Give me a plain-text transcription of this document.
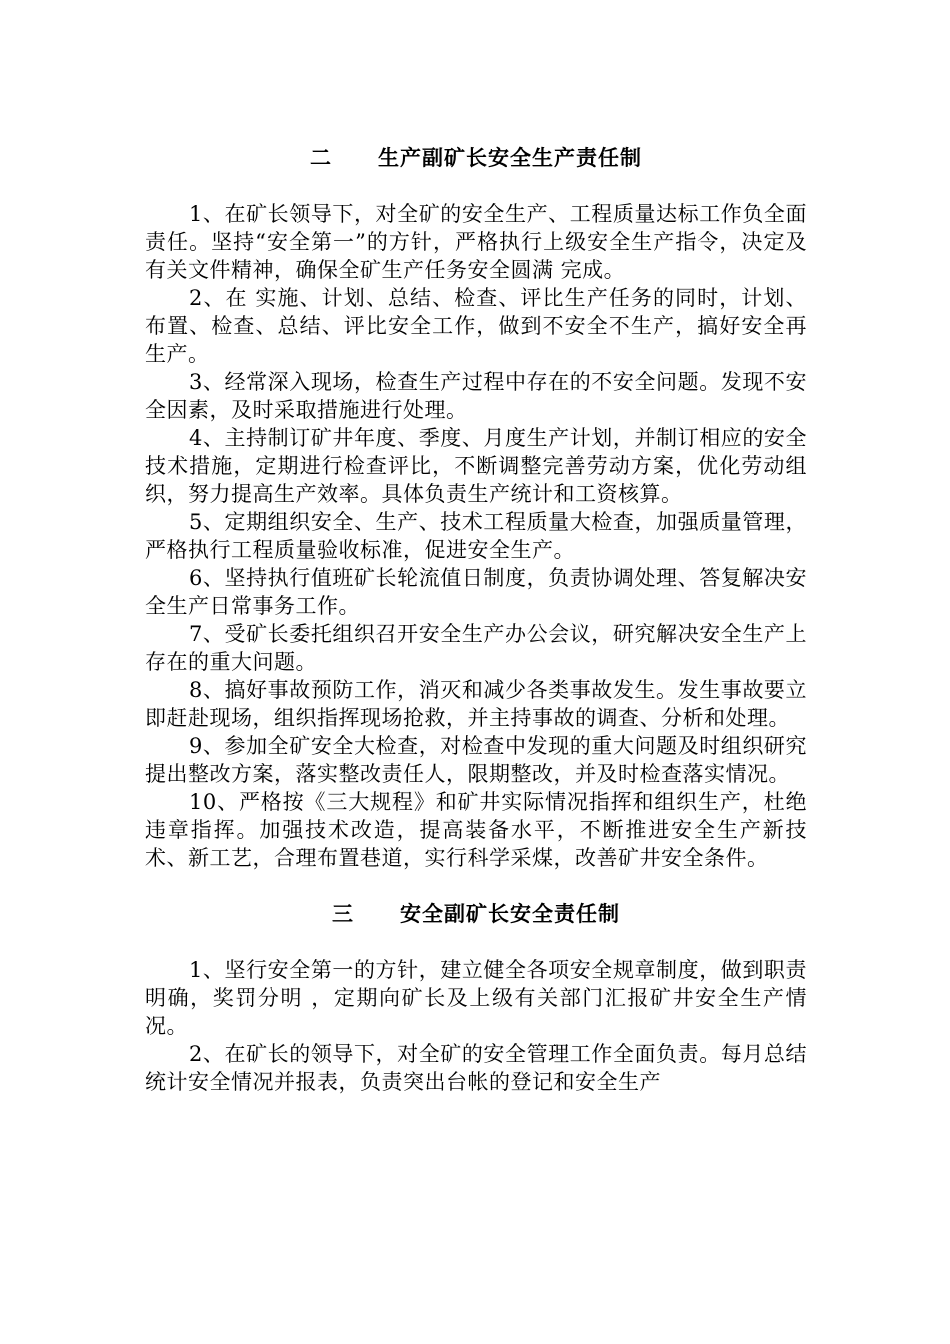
二 生产副矿长安全生产责任制

1、在矿长领导下，对全矿的安全生产、工程质量达标工作负全面责任。坚持“安全第一”的方针，严格执行上级安全生产指令，决定及有关文件精神，确保全矿生产任务安全圆满 完成。

2、在 实施、计划、总结、检查、评比生产任务的同时，计划、布置、检查、总结、评比安全工作，做到不安全不生产，搞好安全再生产。

3、经常深入现场，检查生产过程中存在的不安全问题。发现不安全因素，及时采取措施进行处理。

4、主持制订矿井年度、季度、月度生产计划，并制订相应的安全技术措施，定期进行检查评比，不断调整完善劳动方案，优化劳动组织，努力提高生产效率。具体负责生产统计和工资核算。

5、定期组织安全、生产、技术工程质量大检查，加强质量管理，严格执行工程质量验收标准，促进安全生产。

6、坚持执行值班矿长轮流值日制度，负责协调处理、答复解决安全生产日常事务工作。

7、受矿长委托组织召开安全生产办公会议，研究解决安全生产上存在的重大问题。

8、搞好事故预防工作，消灭和减少各类事故发生。发生事故要立即赶赴现场，组织指挥现场抢救，并主持事故的调查、分析和处理。

9、参加全矿安全大检查，对检查中发现的重大问题及时组织研究提出整改方案，落实整改责任人，限期整改，并及时检查落实情况。

10、严格按《三大规程》和矿井实际情况指挥和组织生产，杜绝违章指挥。加强技术改造，提高装备水平，不断推进安全生产新技术、新工艺，合理布置巷道，实行科学采煤，改善矿井安全条件。

三 安全副矿长安全责任制

1、坚行安全第一的方针，建立健全各项安全规章制度，做到职责明确，奖罚分明 ，定期向矿长及上级有关部门汇报矿井安全生产情况。

2、在矿长的领导下，对全矿的安全管理工作全面负责。每月总结统计安全情况并报表，负责突出台帐的登记和安全生产
